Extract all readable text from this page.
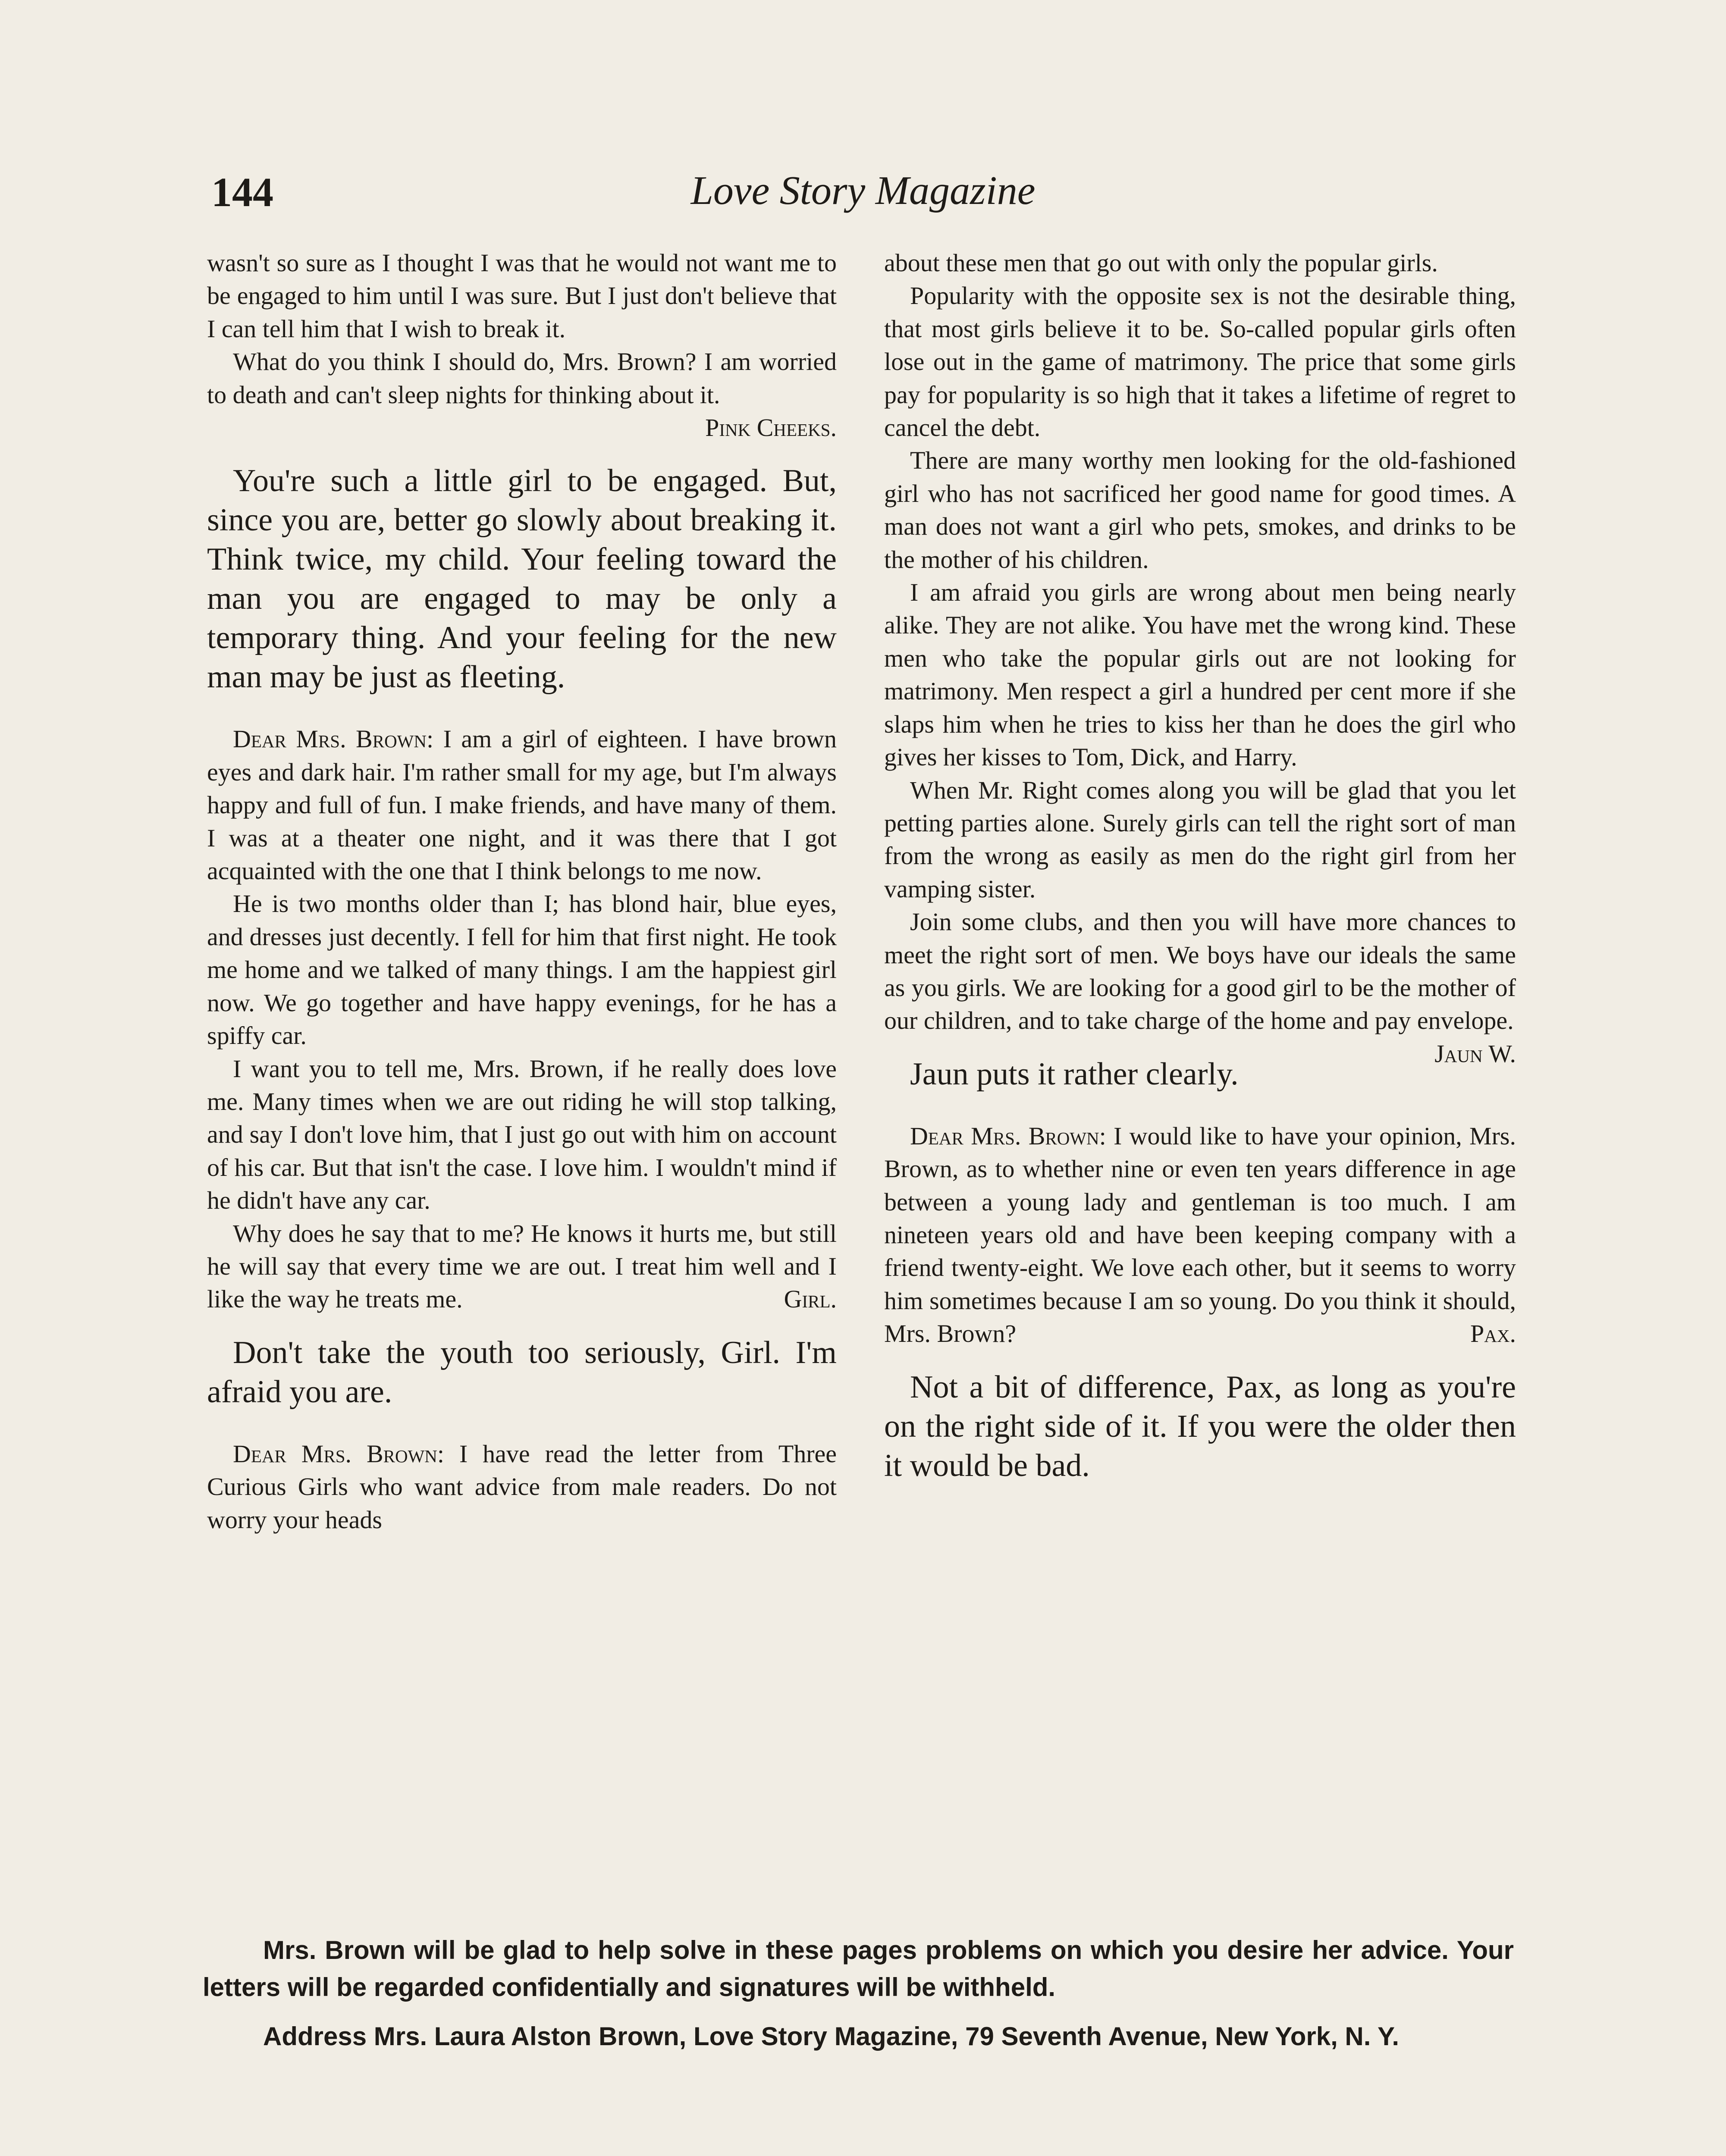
144	Love Story Magazine

wasn't so sure as I thought I was that he would not want me to be engaged to him until I was sure. But I just don't believe that I can tell him that I wish to break it.

What do you think I should do, Mrs. Brown? I am worried to death and can't sleep nights for thinking about it.

Pink Cheeks.

You're such a little girl to be engaged. But, since you are, better go slowly about breaking it. Think twice, my child. Your feeling toward the man you are engaged to may be only a temporary thing. And your feeling for the new man may be just as fleeting.

Dear Mrs. Brown: I am a girl of eighteen. I have brown eyes and dark hair. I'm rather small for my age, but I'm always happy and full of fun. I make friends, and have many of them. I was at a theater one night, and it was there that I got acquainted with the one that I think belongs to me now.

He is two months older than I; has blond hair, blue eyes, and dresses just decently. I fell for him that first night. He took me home and we talked of many things. I am the happiest girl now. We go together and have happy evenings, for he has a spiffy car.

I want you to tell me, Mrs. Brown, if he really does love me. Many times when we are out riding he will stop talking, and say I don't love him, that I just go out with him on account of his car. But that isn't the case. I love him. I wouldn't mind if he didn't have any car.

Why does he say that to me? He knows it hurts me, but still he will say that every time we are out. I treat him well and I like the way he treats me.	Girl.

Don't take the youth too seriously, Girl. I'm afraid you are.

Dear Mrs. Brown: I have read the letter from Three Curious Girls who want advice from male readers. Do not worry your heads

about these men that go out with only the popular girls.

Popularity with the opposite sex is not the desirable thing, that most girls believe it to be. So-called popular girls often lose out in the game of matrimony. The price that some girls pay for popularity is so high that it takes a lifetime of regret to cancel the debt.

There are many worthy men looking for the old-fashioned girl who has not sacrificed her good name for good times. A man does not want a girl who pets, smokes, and drinks to be the mother of his children.

I am afraid you girls are wrong about men being nearly alike. They are not alike. You have met the wrong kind. These men who take the popular girls out are not looking for matrimony. Men respect a girl a hundred per cent more if she slaps him when he tries to kiss her than he does the girl who gives her kisses to Tom, Dick, and Harry.

When Mr. Right comes along you will be glad that you let petting parties alone. Surely girls can tell the right sort of man from the wrong as easily as men do the right girl from her vamping sister.

Join some clubs, and then you will have more chances to meet the right sort of men. We boys have our ideals the same as you girls. We are looking for a good girl to be the mother of our children, and to take charge of the home and pay envelope.
Jaun W.

Jaun puts it rather clearly.

Dear Mrs. Brown: I would like to have your opinion, Mrs. Brown, as to whether nine or even ten years difference in age between a young lady and gentleman is too much. I am nineteen years old and have been keeping company with a friend twenty-eight. We love each other, but it seems to worry him sometimes because I am so young. Do you think it should, Mrs. Brown?	Pax.

Not a bit of difference, Pax, as long as you're on the right side of it. If you were the older then it would be bad.

Mrs. Brown will be glad to help solve in these pages problems on which you desire her advice. Your letters will be regarded confidentially and signatures will be withheld.

Address Mrs. Laura Alston Brown, Love Story Magazine, 79 Seventh Avenue, New York, N. Y.
